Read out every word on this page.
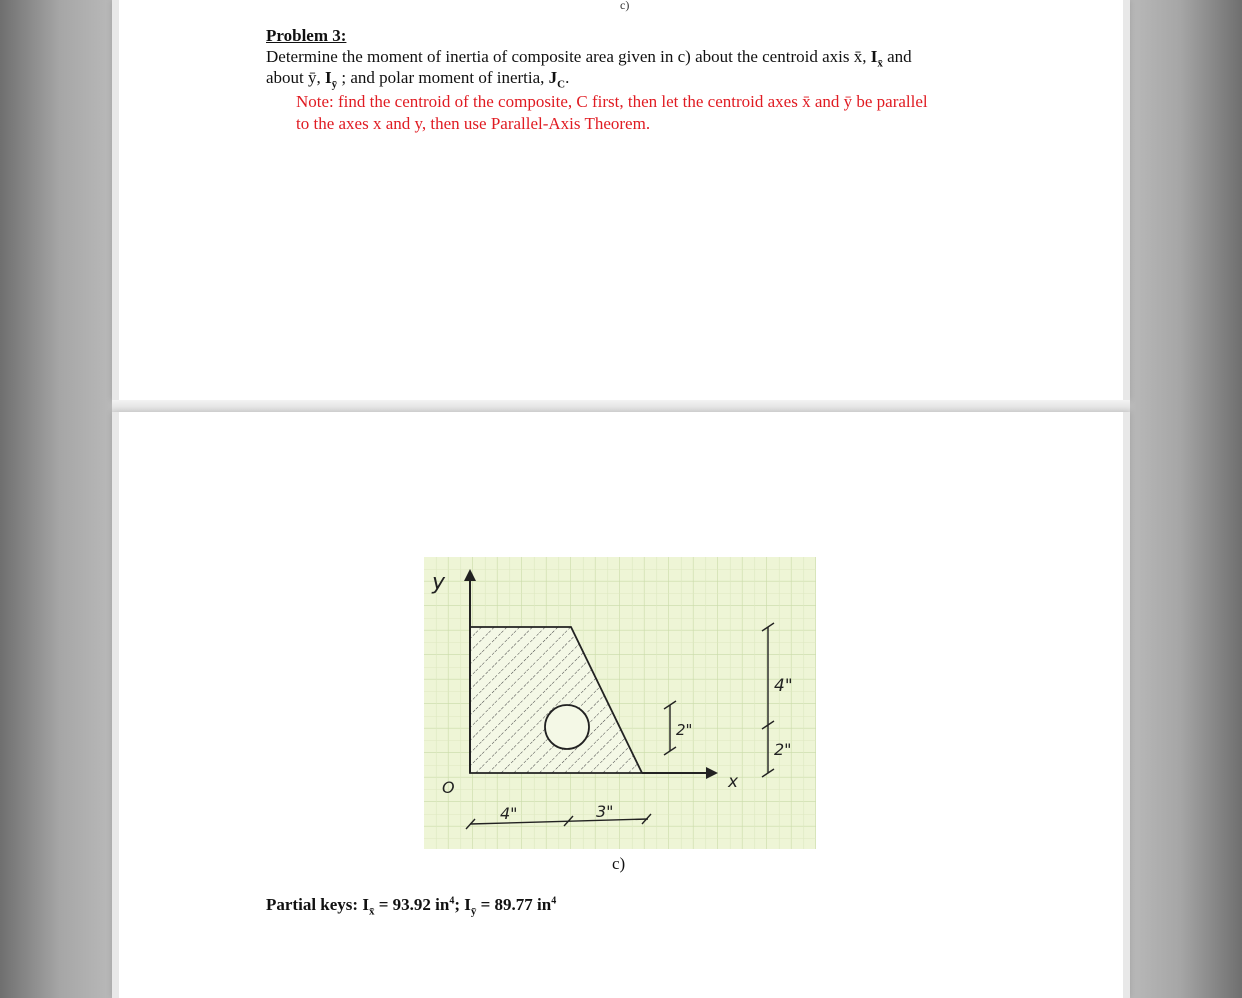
c)
Problem 3:
Determine the moment of inertia of composite area given in c) about the centroid axis x̄, $I_{x̄}$ and
about ȳ, $I_{ȳ}$ ; and polar moment of inertia, $J_C$.
Note: find the centroid of the composite, C first, then let the centroid axes x̄ and ȳ be parallel
to the axes x and y, then use Parallel-Axis Theorem.
y
x
O
4"	3"
2"
4"
2"
c)
Partial keys: $I_{x̄} = 93.92$ $in^4$; $I_{ȳ} = 89.77$ $in^4$
